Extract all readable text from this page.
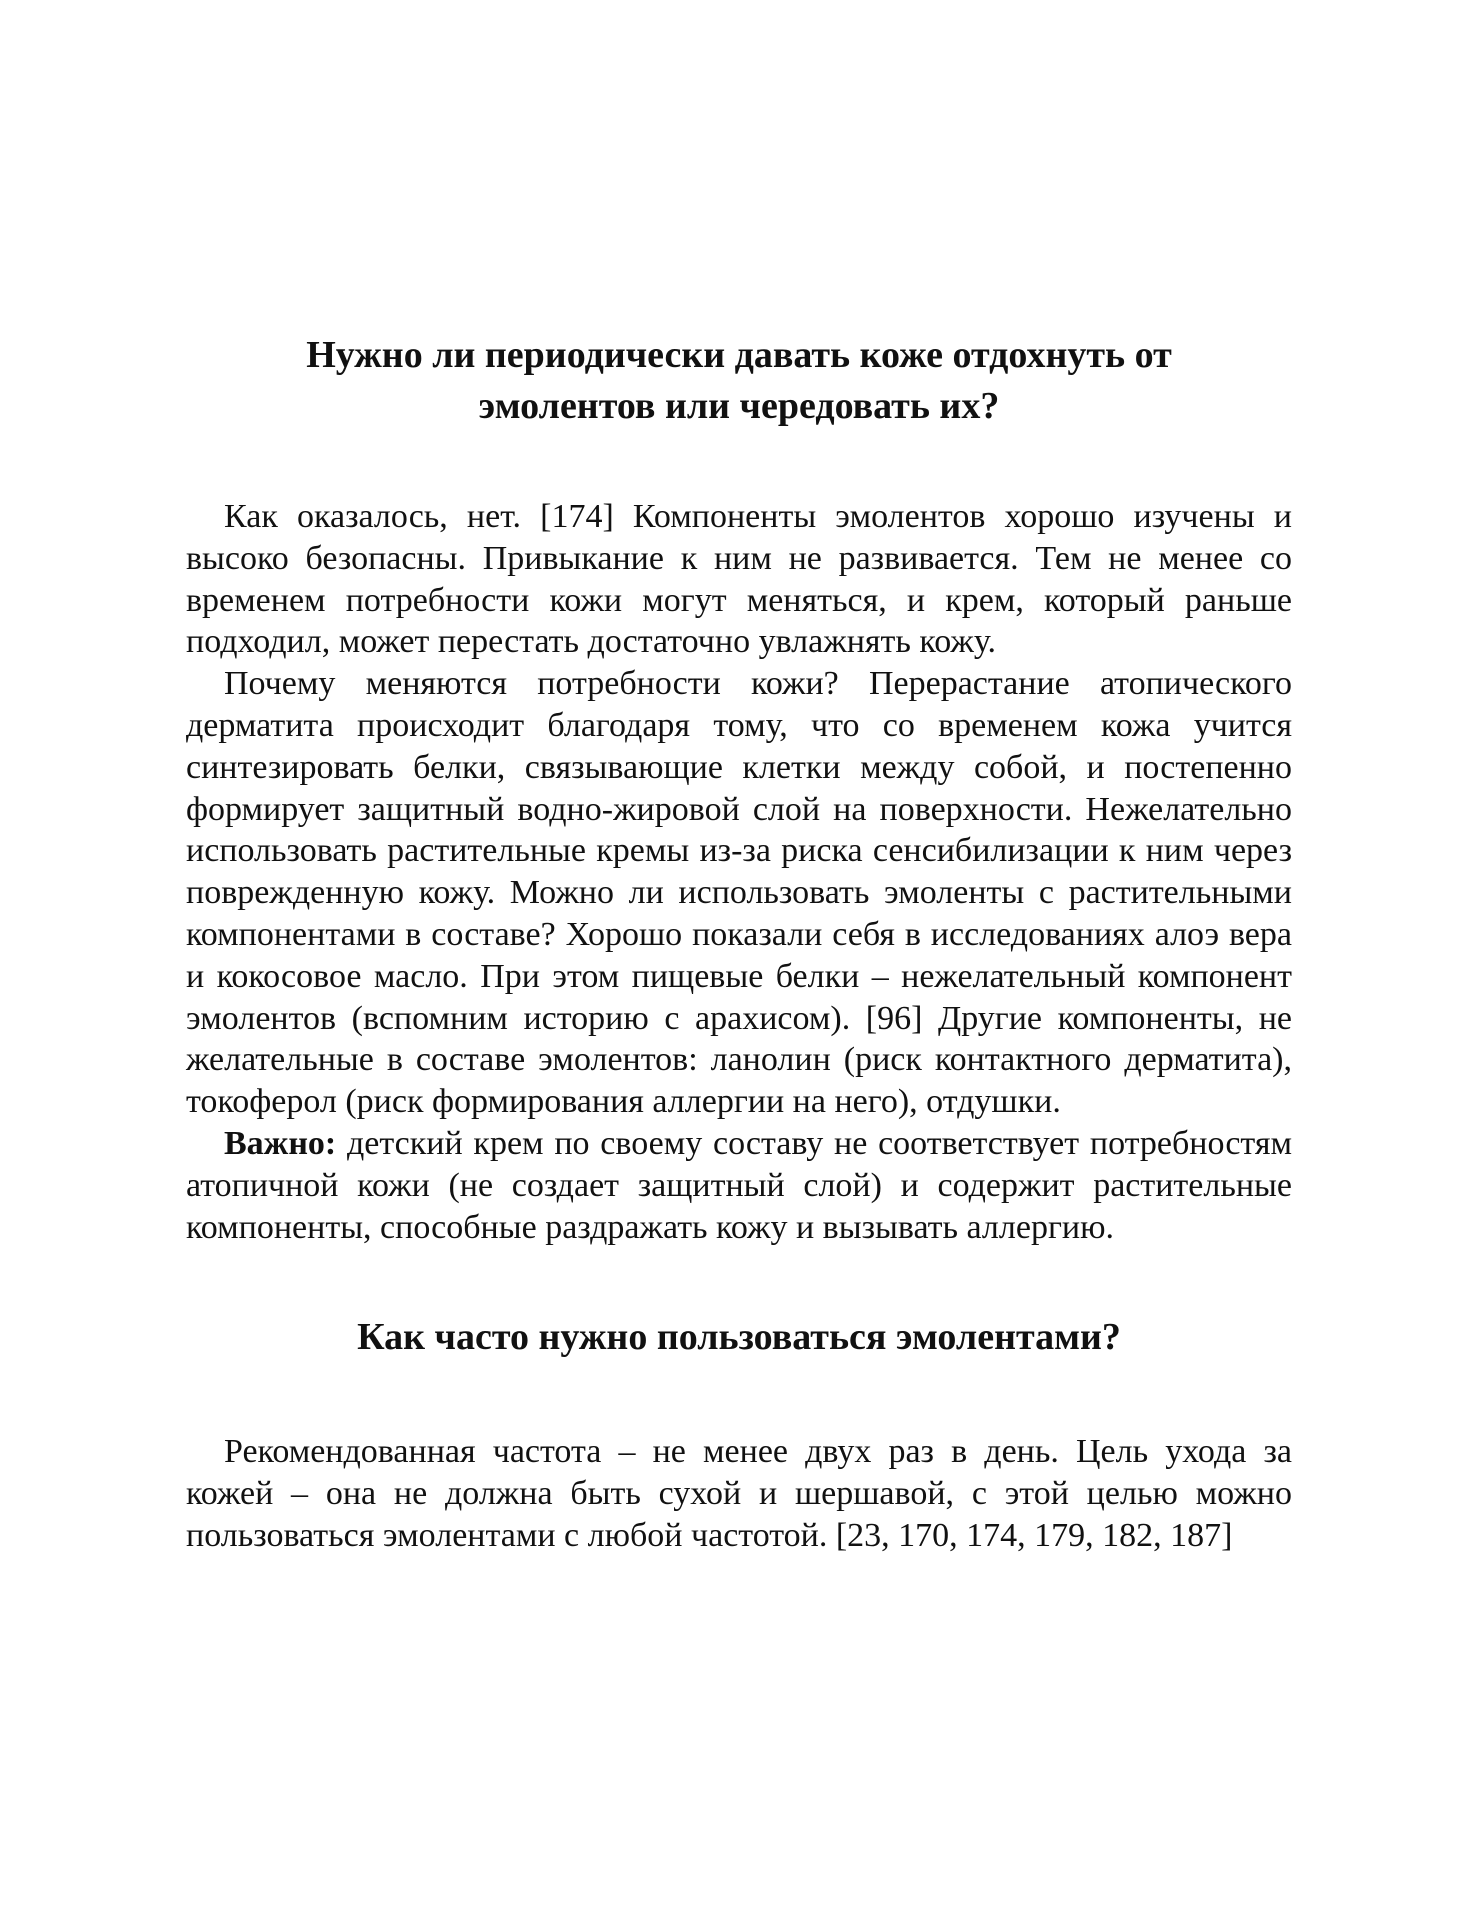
Нужно ли периодически давать коже отдохнуть от
эмолентов или чередовать их?

Как оказалось, нет. [174] Компоненты эмолентов хорошо изучены и высоко безопасны. Привыкание к ним не развивается. Тем не менее со временем потребности кожи могут меняться, и крем, который раньше подходил, может перестать достаточно увлажнять кожу.

Почему меняются потребности кожи? Перерастание атопического дерматита происходит благодаря тому, что со временем кожа учится синтезировать белки, связывающие клетки между собой, и постепенно формирует защитный водно-жировой слой на поверхности. Нежелательно использовать растительные кремы из-за риска сенсибилизации к ним через поврежденную кожу. Можно ли использовать эмоленты с растительными компонентами в составе? Хорошо показали себя в исследованиях алоэ вера и кокосовое масло. При этом пищевые белки – нежелательный компонент эмолентов (вспомним историю с арахисом). [96] Другие компоненты, не желательные в составе эмолентов: ланолин (риск контактного дерматита), токоферол (риск формирования аллергии на него), отдушки.

Важно: детский крем по своему составу не соответствует потребностям атопичной кожи (не создает защитный слой) и содержит растительные компоненты, способные раздражать кожу и вызывать аллергию.

Как часто нужно пользоваться эмолентами?

Рекомендованная частота – не менее двух раз в день. Цель ухода за кожей – она не должна быть сухой и шершавой, с этой целью можно пользоваться эмолентами с любой частотой. [23, 170, 174, 179, 182, 187]
